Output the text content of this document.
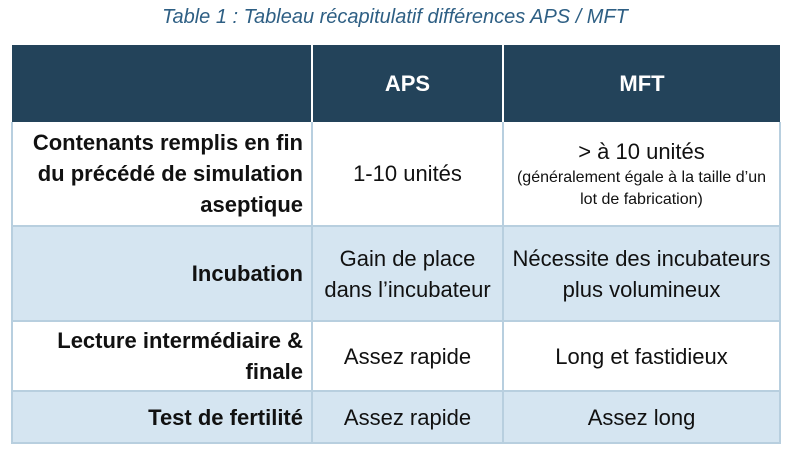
Table 1 : Tableau récapitulatif différences APS / MFT
	APS	MFT
Contenants remplis en fin du précédé de simulation aseptique	1-10 unités	> à 10 unités
(généralement égale à la taille d’un lot de fabrication)

Incubation	Gain de place dans l’incubateur	Nécessite des incubateurs plus volumineux
Lecture intermédiaire & finale	Assez rapide	Long et fastidieux
Test de fertilité	Assez rapide	Assez long
